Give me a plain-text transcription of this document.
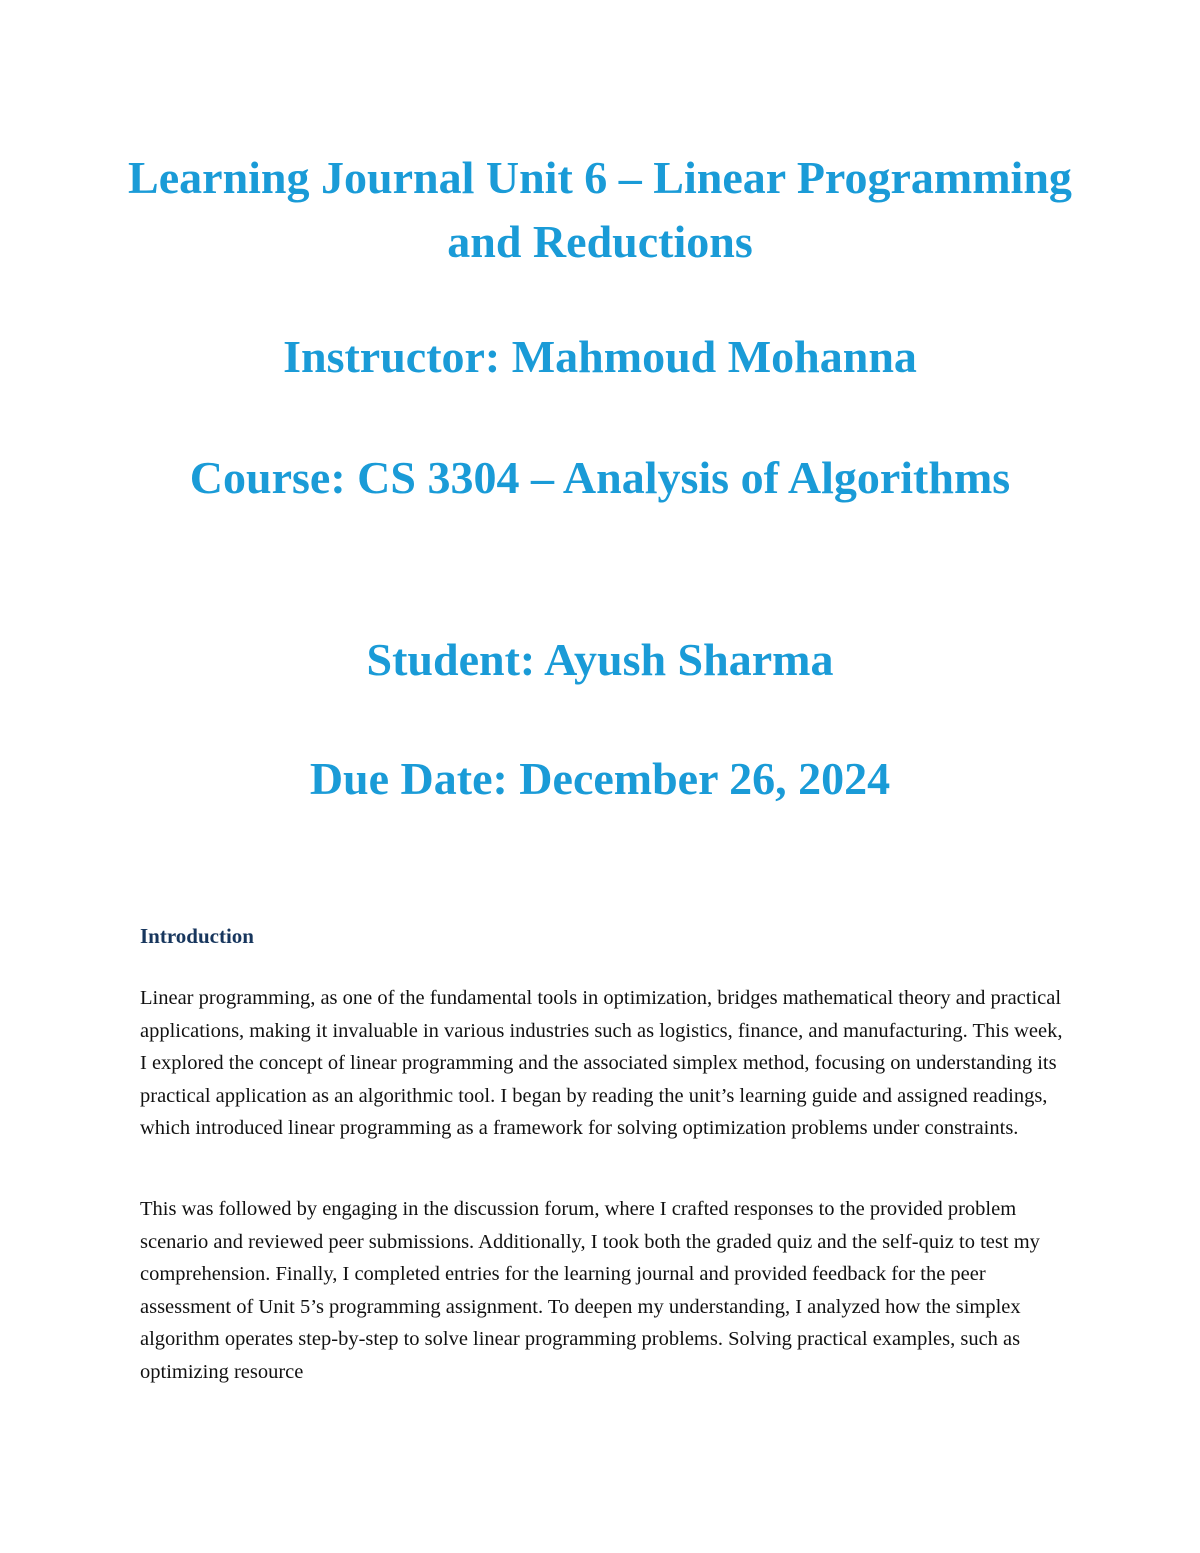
Learning Journal Unit 6 – Linear Programming and Reductions
Instructor: Mahmoud Mohanna
Course: CS 3304 – Analysis of Algorithms
Student: Ayush Sharma
Due Date: December 26, 2024
Introduction

Linear programming, as one of the fundamental tools in optimization, bridges mathematical theory and practical applications, making it invaluable in various industries such as logistics, finance, and manufacturing. This week, I explored the concept of linear programming and the associated simplex method, focusing on understanding its practical application as an algorithmic tool. I began by reading the unit’s learning guide and assigned readings, which introduced linear programming as a framework for solving optimization problems under constraints.

This was followed by engaging in the discussion forum, where I crafted responses to the provided problem scenario and reviewed peer submissions. Additionally, I took both the graded quiz and the self-quiz to test my comprehension. Finally, I completed entries for the learning journal and provided feedback for the peer assessment of Unit 5’s programming assignment. To deepen my understanding, I analyzed how the simplex algorithm operates step-by-step to solve linear programming problems. Solving practical examples, such as optimizing resource
